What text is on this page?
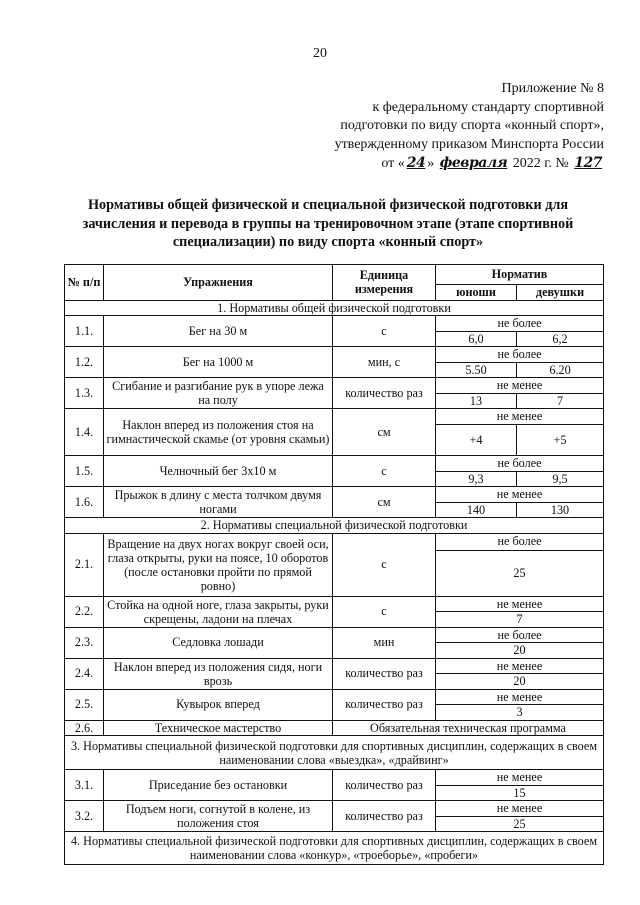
20
Приложение № 8
к федеральному стандарту спортивной
подготовки по виду спорта «конный спорт»,
утвержденному приказом Минспорта России
от « 24 » февраля 2022 г. № 127
Нормативы общей физической и специальной физической подготовки для зачисления и перевода в группы на тренировочном этапе (этапе спортивной специализации) по виду спорта «конный спорт»
№ п/п	Упражнения	Единица измерения	Норматив	
			юноши	девушки
1. Нормативы общей физической подготовки				
1.1.	Бег на 30 м	с	не более	
			6,0	6,2
1.2.	Бег на 1000 м	мин, с	не более	
			5.50	6.20
1.3.	Сгибание и разгибание рук в упоре лежа на полу	количество раз	не менее	
			13	7
1.4.	Наклон вперед из положения стоя на гимнастической скамье (от уровня скамьи)	см	не менее	
			+4	+5
1.5.	Челночный бег 3x10 м	с	не более	
			9,3	9,5
1.6.	Прыжок в длину с места толчком двумя ногами	см	не менее	
			140	130
2. Нормативы специальной физической подготовки				
2.1.	Вращение на двух ногах вокруг своей оси, глаза открыты, руки на поясе, 10 оборотов (после остановки пройти по прямой ровно)	с	не более	
			25	
2.2.	Стойка на одной ноге, глаза закрыты, руки скрещены, ладони на плечах	с	не менее	
			7	
2.3.	Седловка лошади	мин	не более	
			20	
2.4.	Наклон вперед из положения сидя, ноги врозь	количество раз	не менее	
			20	
2.5.	Кувырок вперед	количество раз	не менее	
			3	
2.6.	Техническое мастерство	Обязательная техническая программа		
3. Нормативы специальной физической подготовки для спортивных дисциплин, содержащих в своем наименовании слова «выездка», «драйвинг»				
3.1.	Приседание без остановки	количество раз	не менее	
			15	
3.2.	Подъем ноги, согнутой в колене, из положения стоя	количество раз	не менее	
			25	
4. Нормативы специальной физической подготовки для спортивных дисциплин, содержащих в своем наименовании слова «конкур», «троеборье», «пробеги»				
